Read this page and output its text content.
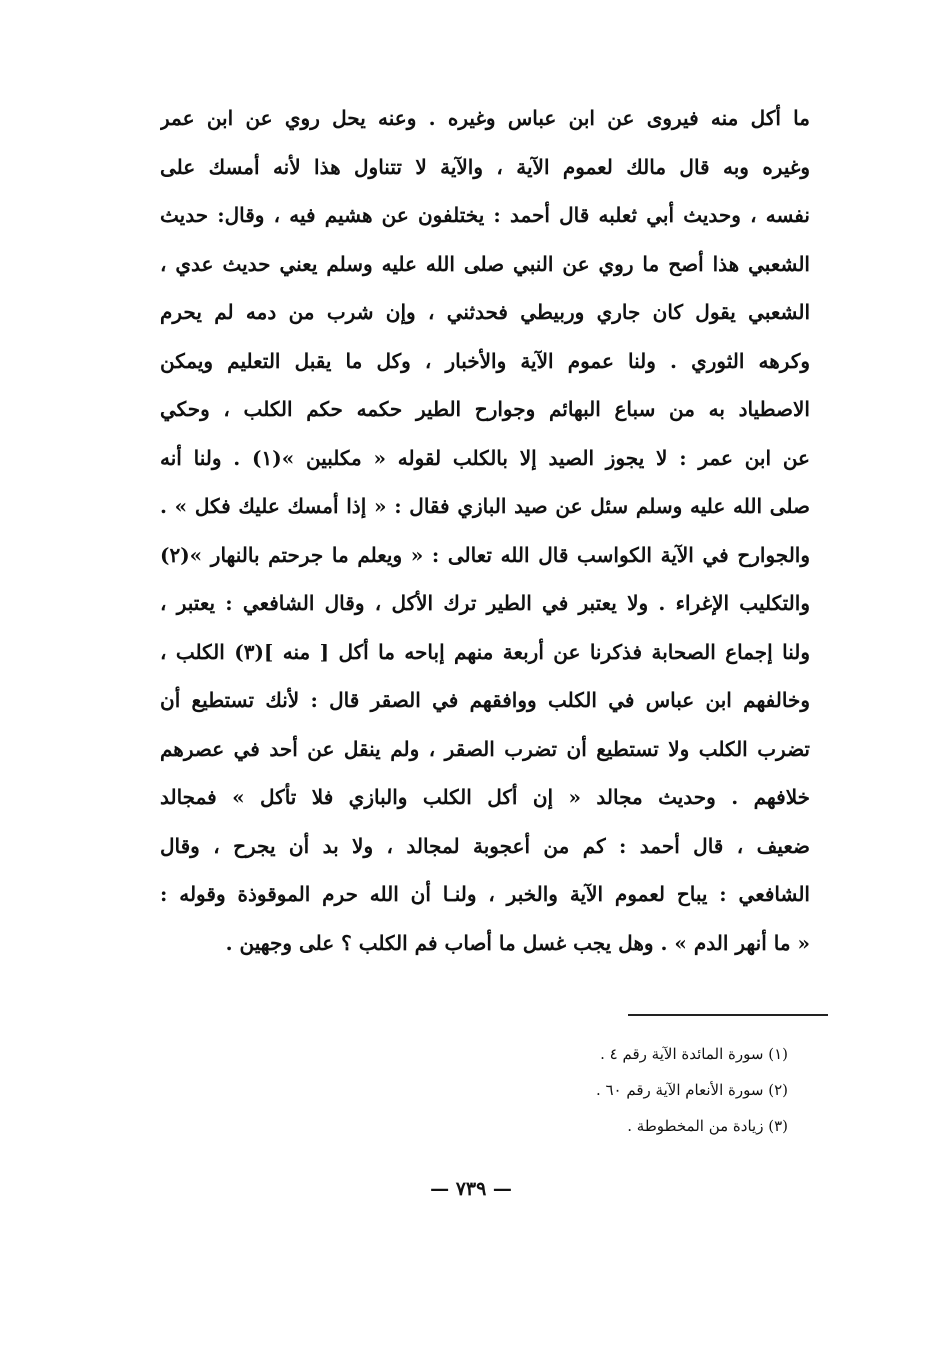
ما أكل منه فيروى عن ابن عباس وغيره . وعنه يحل روي عن ابن عمر
وغيره وبه قال مالك لعموم الآية ، والآية لا تتناول هذا لأنه أمسك على
نفسه ، وحديث أبي ثعلبه قال أحمد : يختلفون عن هشيم فيه ، وقال: حديث
الشعبي هذا أصح ما روي عن النبي صلى الله عليه وسلم يعني حديث عدي ،
الشعبي يقول كان جاري وربيطي فحدثني ، وإن شرب من دمه لم يحرم
وكرهه الثوري . ولنا عموم الآية والأخبار ، وكل ما يقبل التعليم ويمكن
الاصطياد به من سباع البهائم وجوارح الطير حكمه حكم الكلب ، وحكي
عن ابن عمر : لا يجوز الصيد إلا بالكلب لقوله « مكلبين »(١) . ولنا أنه
صلى الله عليه وسلم سئل عن صيد البازي فقال : « إذا أمسك عليك فكل » .
والجوارح في الآية الكواسب قال الله تعالى : « ويعلم ما جرحتم بالنهار »(٢)
والتكليب الإغراء . ولا يعتبر في الطير ترك الأكل ، وقال الشافعي : يعتبر ،
ولنا إجماع الصحابة فذكرنا عن أربعة منهم إباحه ما أكل [ منه ](٣) الكلب ،
وخالفهم ابن عباس في الكلب ووافقهم في الصقر قال : لأنك تستطيع أن
تضرب الكلب ولا تستطيع أن تضرب الصقر ، ولم ينقل عن أحد في عصرهم
خلافهم . وحديث مجالد « إن أكل الكلب والبازي فلا تأكل » فمجالد
ضعيف ، قال أحمد : كم من أعجوبة لمجالد ، ولا بد أن يجرح ، وقال
الشافعي : يباح لعموم الآية والخبر ، ولنـا أن الله حرم الموقوذة وقوله :
« ما أنهر الدم » . وهل يجب غسل ما أصاب فم الكلب ؟ على وجهين .
(١) سورة المائدة الآية رقم ٤ .
(٢) سورة الأنعام الآية رقم ٦٠ .
(٣) زيادة من المخطوطة .
— ٧٣٩ —
